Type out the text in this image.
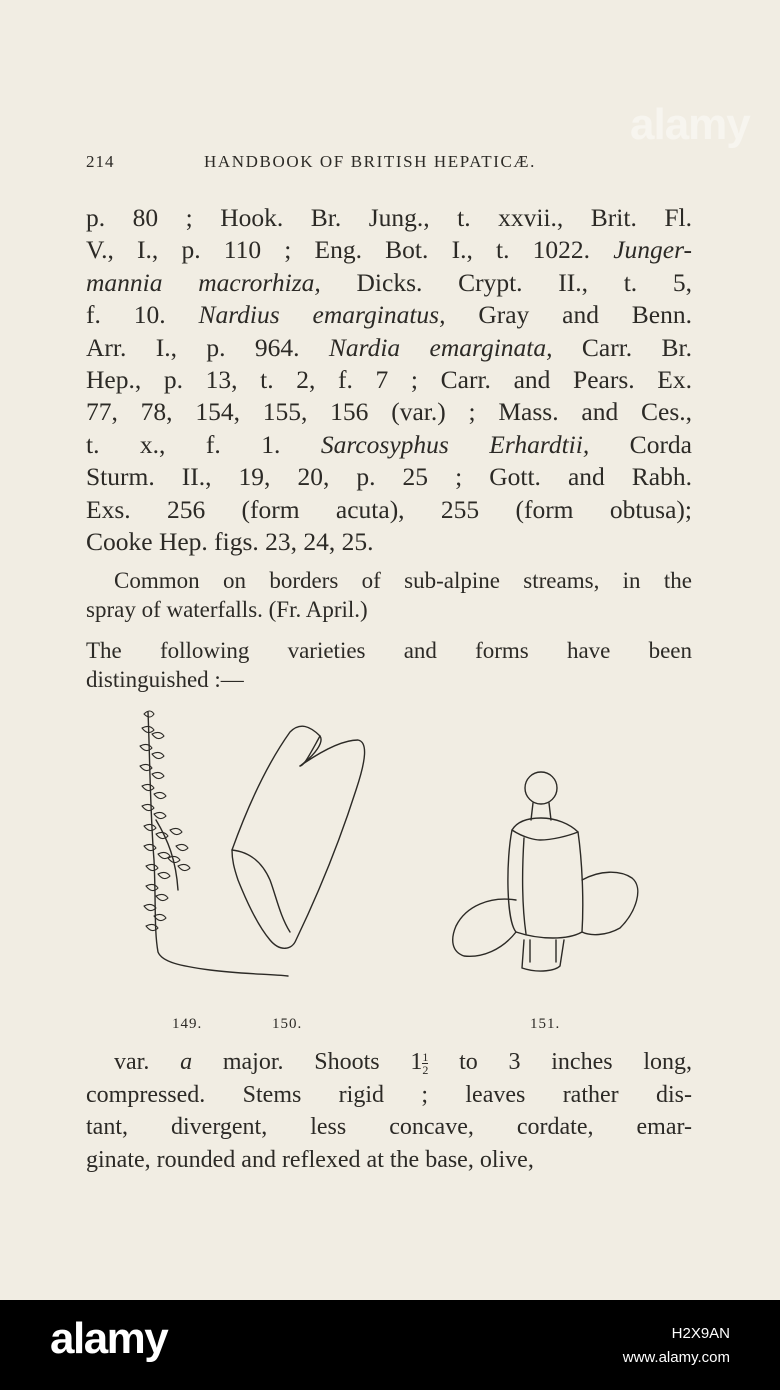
214	HANDBOOK OF BRITISH HEPATICÆ.
p. 80 ; Hook. Br. Jung., t. xxvii., Brit. Fl.
V., I., p. 110 ; Eng. Bot. I., t. 1022. Junger-
mannia macrorhiza, Dicks. Crypt. II., t. 5,
f. 10. Nardius emarginatus, Gray and Benn.
Arr. I., p. 964. Nardia emarginata, Carr. Br.
Hep., p. 13, t. 2, f. 7 ; Carr. and Pears. Ex.
77, 78, 154, 155, 156 (var.) ; Mass. and Ces.,
t. x., f. 1. Sarcosyphus Erhardtii, Corda
Sturm. II., 19, 20, p. 25 ; Gott. and Rabh.
Exs. 256 (form acuta), 255 (form obtusa);
Cooke Hep. figs. 23, 24, 25.
Common on borders of sub-alpine streams, in the
spray of waterfalls. (Fr. April.)
The following varieties and forms have been
distinguished :—
149.	150.	151.
var. a major. Shoots $1 \frac{1}{2}$ to 3 inches long,
compressed. Stems rigid ; leaves rather dis-
tant, divergent, less concave, cordate, emar-
ginate, rounded and reflexed at the base, olive,
alamy
alamy	H2X9AN
www.alamy.com
